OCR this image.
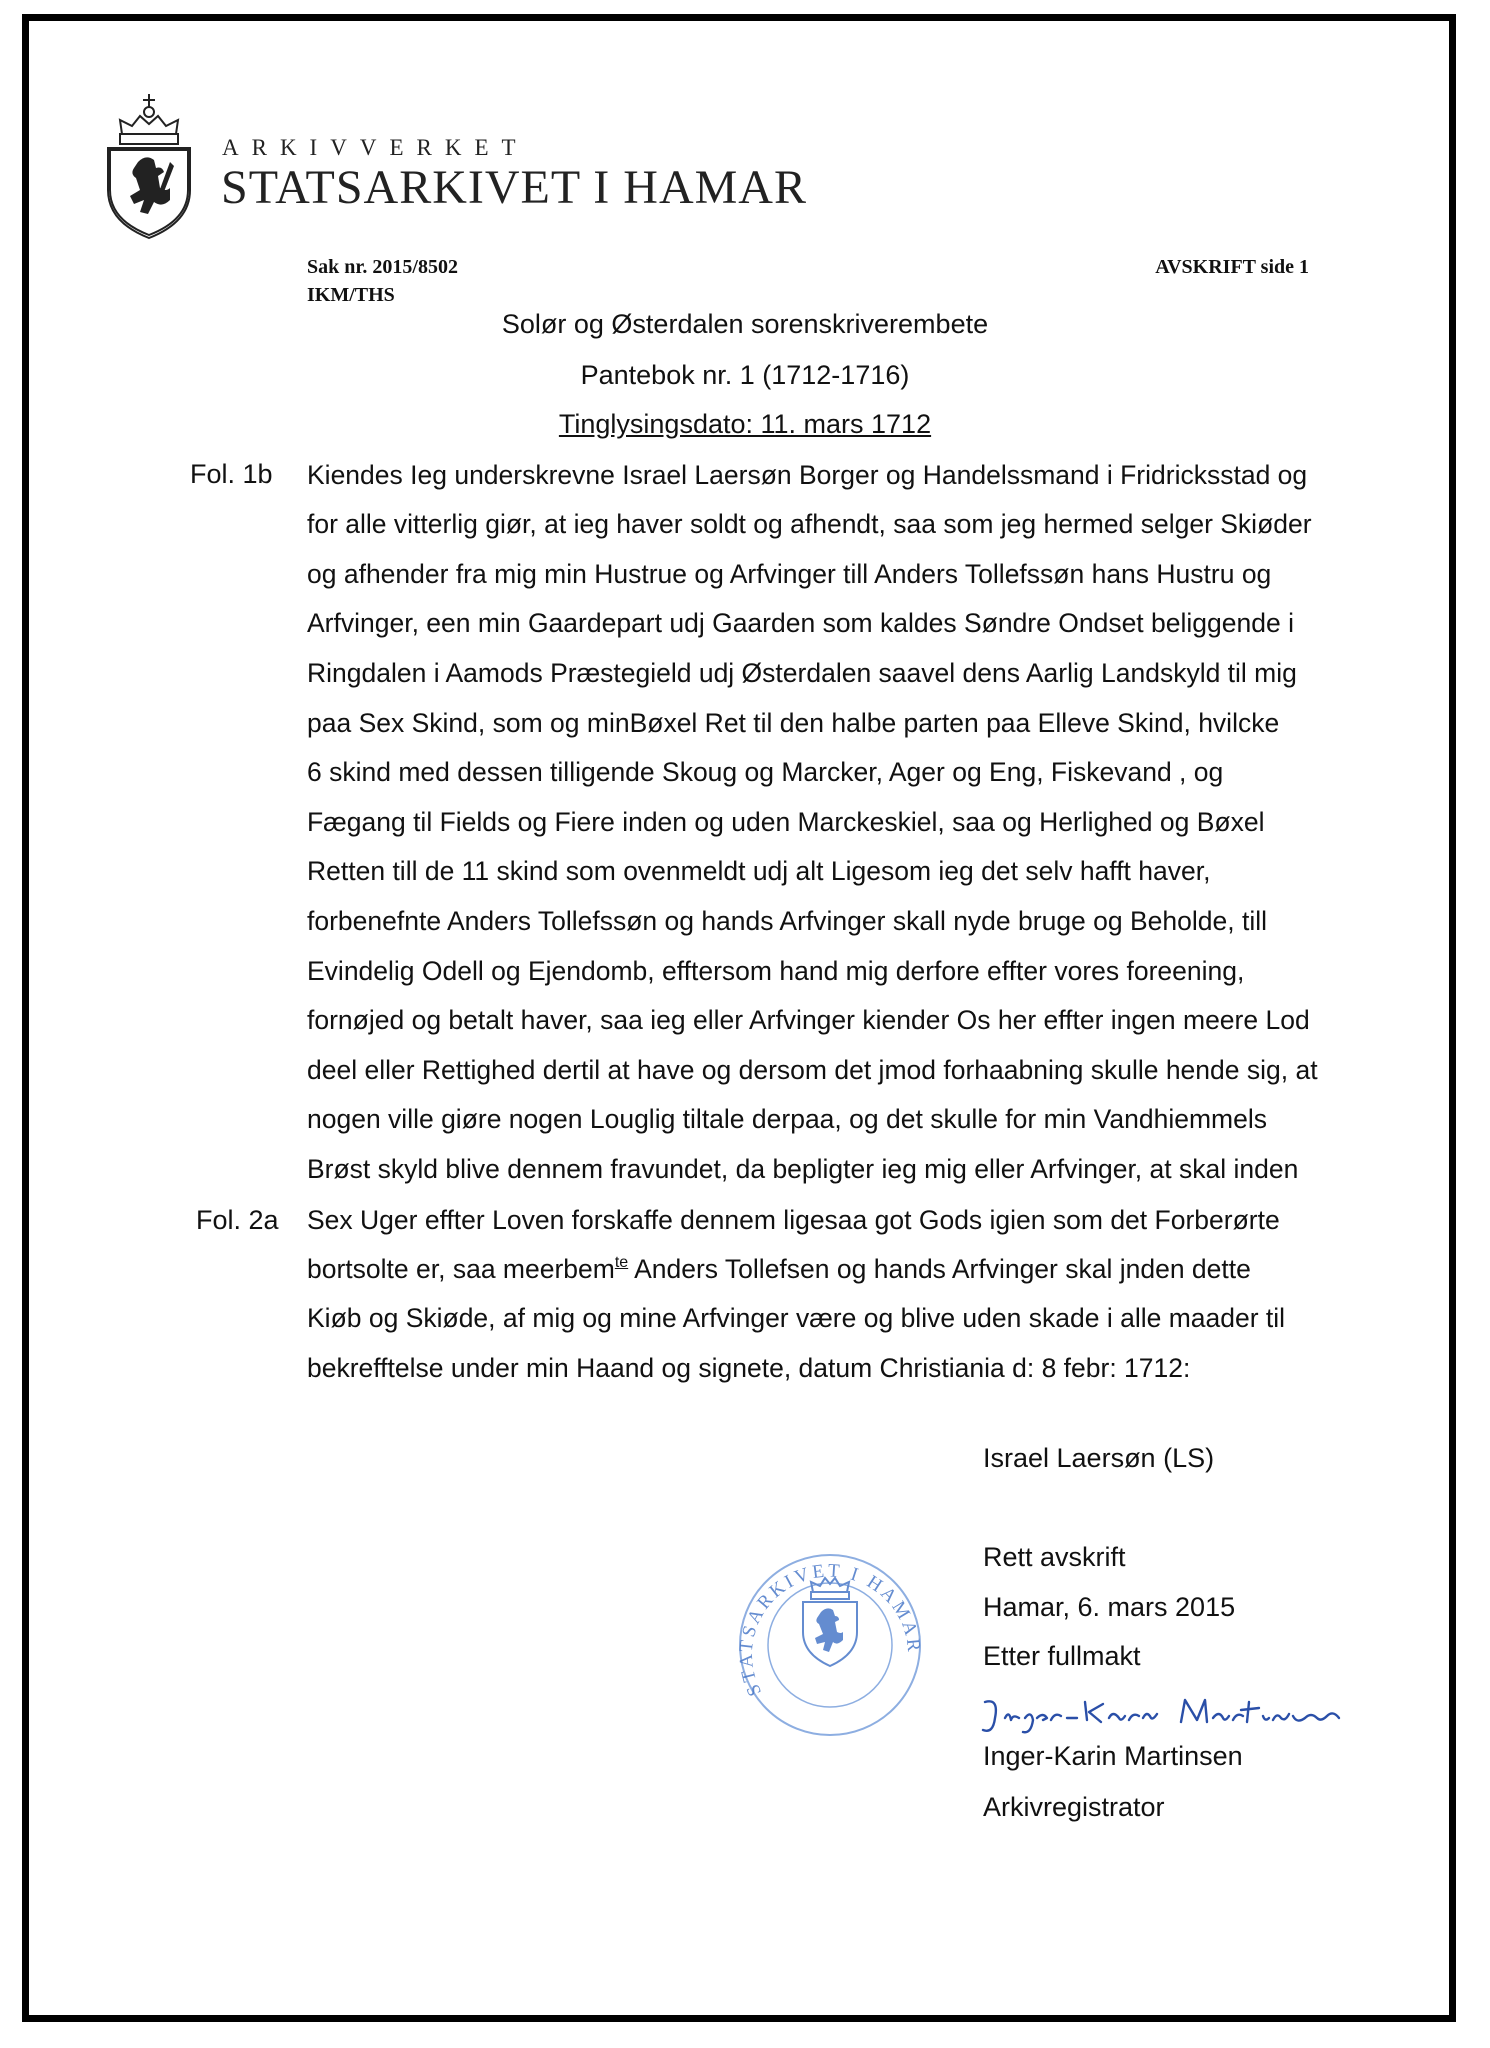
ARKIVVERKET
STATSARKIVET I HAMAR
Sak nr. 2015/8502
IKM/THS
AVSKRIFT side 1
Solør og Østerdalen sorenskriverembete
Pantebok nr. 1 (1712-1716)
Tinglysingsdato: 11. mars 1712
Fol. 1b
Fol. 2a
Kiendes Ieg underskrevne Israel Laersøn Borger og Handelssmand i Fridricksstad og
for alle vitterlig giør, at ieg haver soldt og afhendt, saa som jeg hermed selger Skiøder
og afhender fra mig min Hustrue og Arfvinger till Anders Tollefssøn hans Hustru og
Arfvinger, een min Gaardepart udj Gaarden som kaldes Søndre Ondset beliggende i
Ringdalen i Aamods Præstegield udj Østerdalen saavel dens Aarlig Landskyld til mig
paa Sex Skind, som og minBøxel Ret til den halbe parten paa Elleve Skind, hvilcke
6 skind med dessen tilligende Skoug og Marcker, Ager og Eng, Fiskevand , og
Fægang til Fields og Fiere inden og uden Marckeskiel, saa og Herlighed og Bøxel
Retten till de 11 skind som ovenmeldt udj alt Ligesom ieg det selv hafft haver,
forbenefnte Anders Tollefssøn og hands Arfvinger skall nyde bruge og Beholde, till
Evindelig Odell og Ejendomb, efftersom hand mig derfore effter vores foreening,
fornøjed og betalt haver, saa ieg eller Arfvinger kiender Os her effter ingen meere Lod
deel eller Rettighed dertil at have og dersom det jmod forhaabning skulle hende sig, at
nogen ville giøre nogen Louglig tiltale derpaa, og det skulle for min Vandhiemmels
Brøst skyld blive dennem fravundet, da bepligter ieg mig eller Arfvinger, at skal inden
Sex Uger effter Loven forskaffe dennem ligesaa got Gods igien som det Forberørte
bortsolte er, saa meerbem$^{te}$ Anders Tollefsen og hands Arfvinger skal jnden dette
Kiøb og Skiøde, af mig og mine Arfvinger være og blive uden skade i alle maader til
bekrefftelse under min Haand og signete, datum Christiania d: 8 febr: 1712:
Israel Laersøn (LS)
Rett avskrift
Hamar, 6. mars 2015
Etter fullmakt
Inger-Karin Martinsen
Arkivregistrator
STATSARKIVET I HAMAR
